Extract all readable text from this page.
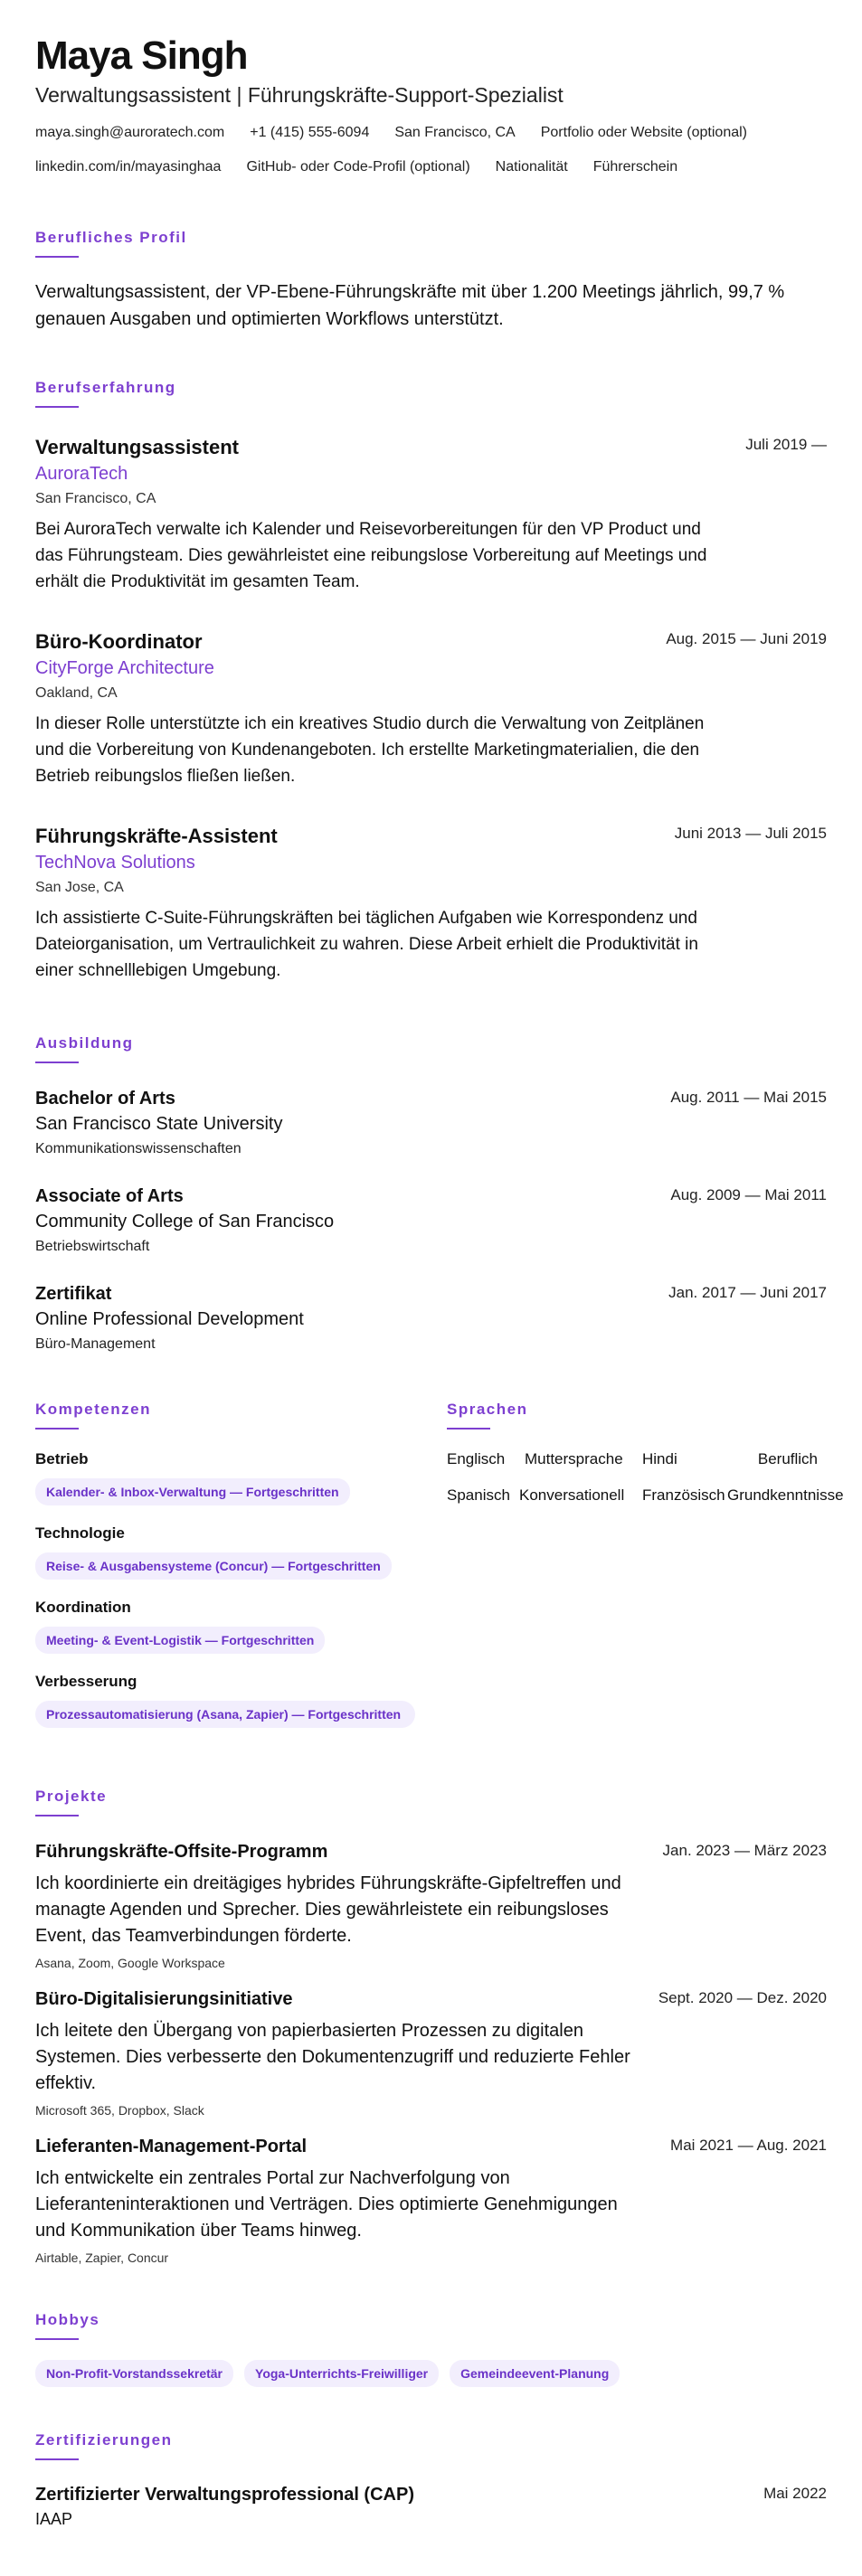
Maya Singh
Verwaltungsassistent | Führungskräfte-Support-Spezialist
maya.singh@auroratech.com +1 (415) 555-6094 San Francisco, CA Portfolio oder Website (optional)
linkedin.com/in/mayasinghaa GitHub- oder Code-Profil (optional) Nationalität Führerschein
Berufliches Profil
Verwaltungsassistent, der VP-Ebene-Führungskräfte mit über 1.200 Meetings jährlich, 99,7 % genauen Ausgaben und optimierten Workflows unterstützt.
Berufserfahrung
Verwaltungsassistent
AuroraTech
San Francisco, CA
Bei AuroraTech verwalte ich Kalender und Reisevorbereitungen für den VP Product und das Führungsteam. Dies gewährleistet eine reibungslose Vorbereitung auf Meetings und erhält die Produktivität im gesamten Team.
Juli 2019 —
Büro-Koordinator
CityForge Architecture
Oakland, CA
In dieser Rolle unterstützte ich ein kreatives Studio durch die Verwaltung von Zeitplänen und die Vorbereitung von Kundenangeboten. Ich erstellte Marketingmaterialien, die den Betrieb reibungslos fließen ließen.
Aug. 2015 — Juni 2019
Führungskräfte-Assistent
TechNova Solutions
San Jose, CA
Ich assistierte C-Suite-Führungskräften bei täglichen Aufgaben wie Korrespondenz und Dateiorganisation, um Vertraulichkeit zu wahren. Diese Arbeit erhielt die Produktivität in einer schnelllebigen Umgebung.
Juni 2013 — Juli 2015
Ausbildung
Bachelor of Arts
San Francisco State University
Kommunikationswissenschaften
Aug. 2011 — Mai 2015
Associate of Arts
Community College of San Francisco
Betriebswirtschaft
Aug. 2009 — Mai 2011
Zertifikat
Online Professional Development
Büro-Management
Jan. 2017 — Juni 2017
Kompetenzen
Betrieb
Kalender- & Inbox-Verwaltung — Fortgeschritten
Technologie
Reise- & Ausgabensysteme (Concur) — Fortgeschritten
Koordination
Meeting- & Event-Logistik — Fortgeschritten
Verbesserung
Prozessautomatisierung (Asana, Zapier) — Fortgeschritten
Sprachen
Englisch	Muttersprache	Hindi	Beruflich
Spanisch Konversationell	Französisch Grundkenntnisse
Projekte
Führungskräfte-Offsite-Programm
Ich koordinierte ein dreitägiges hybrides Führungskräfte-Gipfeltreffen und managte Agenden und Sprecher. Dies gewährleistete ein reibungsloses Event, das Teamverbindungen förderte.
Asana, Zoom, Google Workspace
Jan. 2023 — März 2023
Büro-Digitalisierungsinitiative
Ich leitete den Übergang von papierbasierten Prozessen zu digitalen Systemen. Dies verbesserte den Dokumentenzugriff und reduzierte Fehler effektiv.
Microsoft 365, Dropbox, Slack
Sept. 2020 — Dez. 2020
Lieferanten-Management-Portal
Ich entwickelte ein zentrales Portal zur Nachverfolgung von Lieferanteninteraktionen und Verträgen. Dies optimierte Genehmigungen und Kommunikation über Teams hinweg.
Airtable, Zapier, Concur
Mai 2021 — Aug. 2021
Hobbys
Non-Profit-Vorstandssekretär	Yoga-Unterrichts-Freiwilliger	Gemeindeevent-Planung
Zertifizierungen
Zertifizierter Verwaltungsprofessional (CAP)
IAAP
Mai 2022
